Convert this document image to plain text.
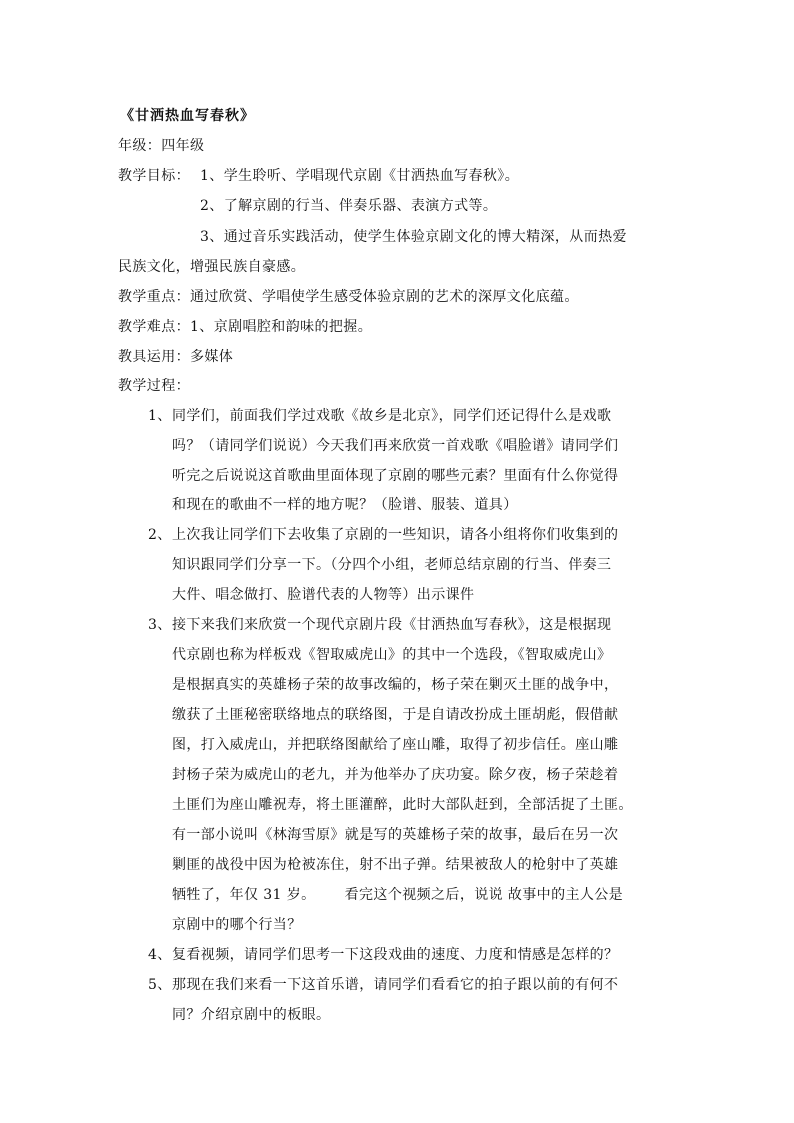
《甘洒热血写春秋》
年级：四年级
教学目标： 1、学生聆听、学唱现代京剧《甘洒热血写春秋》。
2、了解京剧的行当、伴奏乐器、表演方式等。
3、通过音乐实践活动，使学生体验京剧文化的博大精深，从而热爱
民族文化，增强民族自豪感。
教学重点：通过欣赏、学唱使学生感受体验京剧的艺术的深厚文化底蕴。
教学难点：1、京剧唱腔和韵味的把握。
教具运用：多媒体
教学过程：
1、 同学们，前面我们学过戏歌《故乡是北京》，同学们还记得什么是戏歌
吗？（请同学们说说）今天我们再来欣赏一首戏歌《唱脸谱》请同学们
听完之后说说这首歌曲里面体现了京剧的哪些元素？里面有什么你觉得
和现在的歌曲不一样的地方呢？（脸谱、服装、道具）
2、 上次我让同学们下去收集了京剧的一些知识，请各小组将你们收集到的
知识跟同学们分享一下。（分四个小组，老师总结京剧的行当、伴奏三
大件、唱念做打、脸谱代表的人物等）出示课件
3、 接下来我们来欣赏一个现代京剧片段《甘洒热血写春秋》，这是根据现
代京剧也称为样板戏《智取威虎山》的其中一个选段，《智取威虎山》
是根据真实的英雄杨子荣的故事改编的，杨子荣在剿灭土匪的战争中，
缴获了土匪秘密联络地点的联络图，于是自请改扮成土匪胡彪，假借献
图，打入威虎山，并把联络图献给了座山雕，取得了初步信任。座山雕
封杨子荣为威虎山的老九，并为他举办了庆功宴。除夕夜，杨子荣趁着
土匪们为座山雕祝寿，将土匪灌醉，此时大部队赶到，全部活捉了土匪。
有一部小说叫《林海雪原》就是写的英雄杨子荣的故事，最后在另一次
剿匪的战役中因为枪被冻住，射不出子弹。结果被敌人的枪射中了英雄
牺牲了，年仅 31 岁。      看完这个视频之后，说说 故事中的主人公是
京剧中的哪个行当？
4、 复看视频，请同学们思考一下这段戏曲的速度、力度和情感是怎样的？
5、 那现在我们来看一下这首乐谱，请同学们看看它的拍子跟以前的有何不
同？介绍京剧中的板眼。
